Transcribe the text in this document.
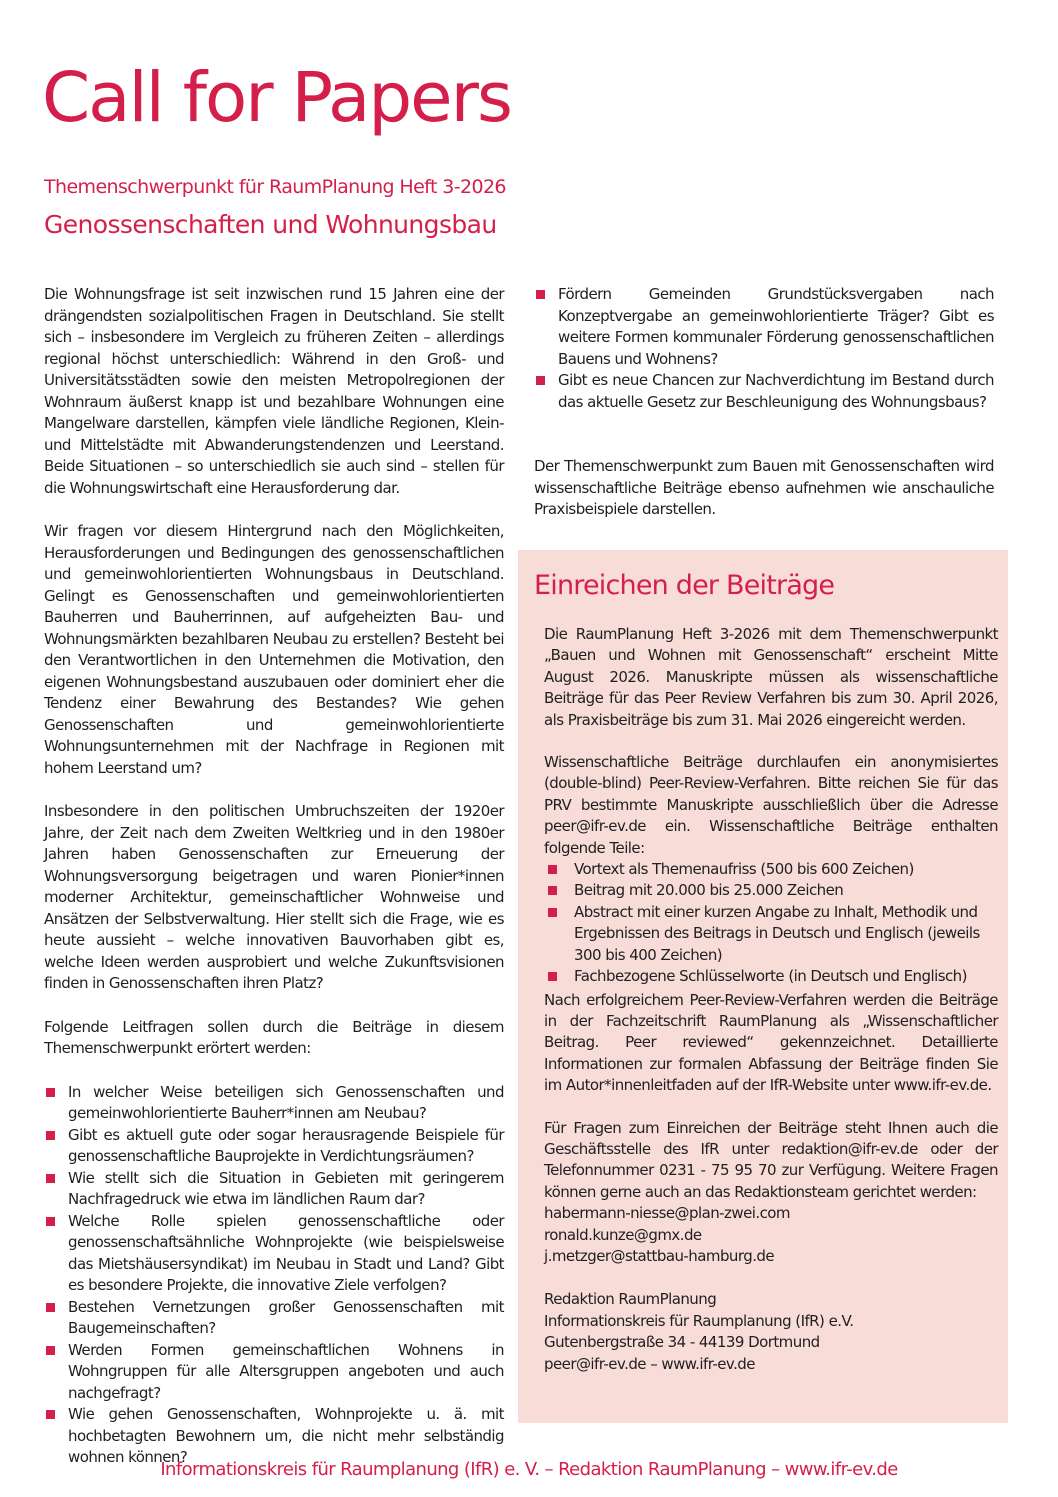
Call for Papers
Themenschwerpunkt für RaumPlanung Heft 3-2026
Genossenschaften und Wohnungsbau

Die Wohnungsfrage ist seit inzwischen rund 15 Jahren eine der drängendsten sozialpolitischen Fragen in Deutschland. Sie stellt sich – insbesondere im Vergleich zu früheren Zeiten – allerdings regional höchst unterschiedlich: Während in den Groß- und Universitätsstädten sowie den meisten Metropolregionen der Wohnraum äußerst knapp ist und bezahlbare Wohnungen eine Mangelware darstellen, kämpfen viele ländliche Regionen, Klein- und Mittelstädte mit Abwanderungstendenzen und Leerstand. Beide Situationen – so unterschiedlich sie auch sind – stellen für die Wohnungswirtschaft eine Herausforderung dar.

Wir fragen vor diesem Hintergrund nach den Möglichkeiten, Herausforderungen und Bedingungen des genossenschaftlichen und gemeinwohlorientierten Wohnungsbaus in Deutschland. Gelingt es Genossenschaften und gemeinwohlorientierten Bauherren und Bauherrinnen, auf aufgeheizten Bau- und Wohnungsmärkten bezahlbaren Neubau zu erstellen? Besteht bei den Verantwortlichen in den Unternehmen die Motivation, den eigenen Wohnungsbestand auszubauen oder dominiert eher die Tendenz einer Bewahrung des Bestandes? Wie gehen Genossenschaften und gemeinwohlorientierte Wohnungsunternehmen mit der Nachfrage in Regionen mit hohem Leerstand um?

Insbesondere in den politischen Umbruchszeiten der 1920er Jahre, der Zeit nach dem Zweiten Weltkrieg und in den 1980er Jahren haben Genossenschaften zur Erneuerung der Wohnungsversorgung beigetragen und waren Pionier*innen moderner Architektur, gemeinschaftlicher Wohnweise und Ansätzen der Selbstverwaltung. Hier stellt sich die Frage, wie es heute aussieht – welche innovativen Bauvorhaben gibt es, welche Ideen werden ausprobiert und welche Zukunftsvisionen finden in Genossenschaften ihren Platz?

Folgende Leitfragen sollen durch die Beiträge in diesem Themenschwerpunkt erörtert werden:

In welcher Weise beteiligen sich Genossenschaften und gemeinwohlorientierte Bauherr*innen am Neubau?
Gibt es aktuell gute oder sogar herausragende Beispiele für genossenschaftliche Bauprojekte in Verdichtungsräumen?
Wie stellt sich die Situation in Gebieten mit geringerem Nachfragedruck wie etwa im ländlichen Raum dar?
Welche Rolle spielen genossenschaftliche oder genossenschaftsähnliche Wohnprojekte (wie beispielsweise das Mietshäusersyndikat) im Neubau in Stadt und Land? Gibt es besondere Projekte, die innovative Ziele verfolgen?
Bestehen Vernetzungen großer Genossenschaften mit Baugemeinschaften?
Werden Formen gemeinschaftlichen Wohnens in Wohngruppen für alle Altersgruppen angeboten und auch nachgefragt?
Wie gehen Genossenschaften, Wohnprojekte u. ä. mit hochbetagten Bewohnern um, die nicht mehr selbständig wohnen können?
Fördern Gemeinden Grundstücksvergaben nach Konzeptvergabe an gemeinwohlorientierte Träger? Gibt es weitere Formen kommunaler Förderung genossenschaftlichen Bauens und Wohnens?
Gibt es neue Chancen zur Nachverdichtung im Bestand durch das aktuelle Gesetz zur Beschleunigung des Wohnungsbaus?

Der Themenschwerpunkt zum Bauen mit Genossenschaften wird wissenschaftliche Beiträge ebenso aufnehmen wie anschauliche Praxisbeispiele darstellen.

Einreichen der Beiträge

Die RaumPlanung Heft 3-2026 mit dem Themenschwerpunkt „Bauen und Wohnen mit Genossenschaft“ erscheint Mitte August 2026. Manuskripte müssen als wissenschaftliche Beiträge für das Peer Review Verfahren bis zum 30. April 2026, als Praxisbeiträge bis zum 31. Mai 2026 eingereicht werden.

Wissenschaftliche Beiträge durchlaufen ein anonymisiertes (double-blind) Peer-Review-Verfahren. Bitte reichen Sie für das PRV bestimmte Manuskripte ausschließlich über die Adresse peer@ifr-ev.de ein. Wissenschaftliche Beiträge enthalten folgende Teile:

Vortext als Themenaufriss (500 bis 600 Zeichen)
Beitrag mit 20.000 bis 25.000 Zeichen
Abstract mit einer kurzen Angabe zu Inhalt, Methodik und Ergebnissen des Beitrags in Deutsch und Englisch (jeweils 300 bis 400 Zeichen)
Fachbezogene Schlüsselworte (in Deutsch und Englisch)

Nach erfolgreichem Peer-Review-Verfahren werden die Beiträge in der Fachzeitschrift RaumPlanung als „Wissenschaftlicher Beitrag. Peer reviewed“ gekennzeichnet. Detaillierte Informationen zur formalen Abfassung der Beiträge finden Sie im Autor*innenleitfaden auf der IfR-Website unter www.ifr-ev.de.

Für Fragen zum Einreichen der Beiträge steht Ihnen auch die Geschäftsstelle des IfR unter redaktion@ifr-ev.de oder der Telefonnummer 0231 - 75 95 70 zur Verfügung. Weitere Fragen können gerne auch an das Redaktionsteam gerichtet werden:
habermann-niesse@plan-zwei.com
ronald.kunze@gmx.de
j.metzger@stattbau-hamburg.de
Redaktion RaumPlanung
Informationskreis für Raumplanung (IfR) e.V.
Gutenbergstraße 34 - 44139 Dortmund
peer@ifr-ev.de – www.ifr-ev.de
Informationskreis für Raumplanung (IfR) e. V. – Redaktion RaumPlanung – www.ifr-ev.de
